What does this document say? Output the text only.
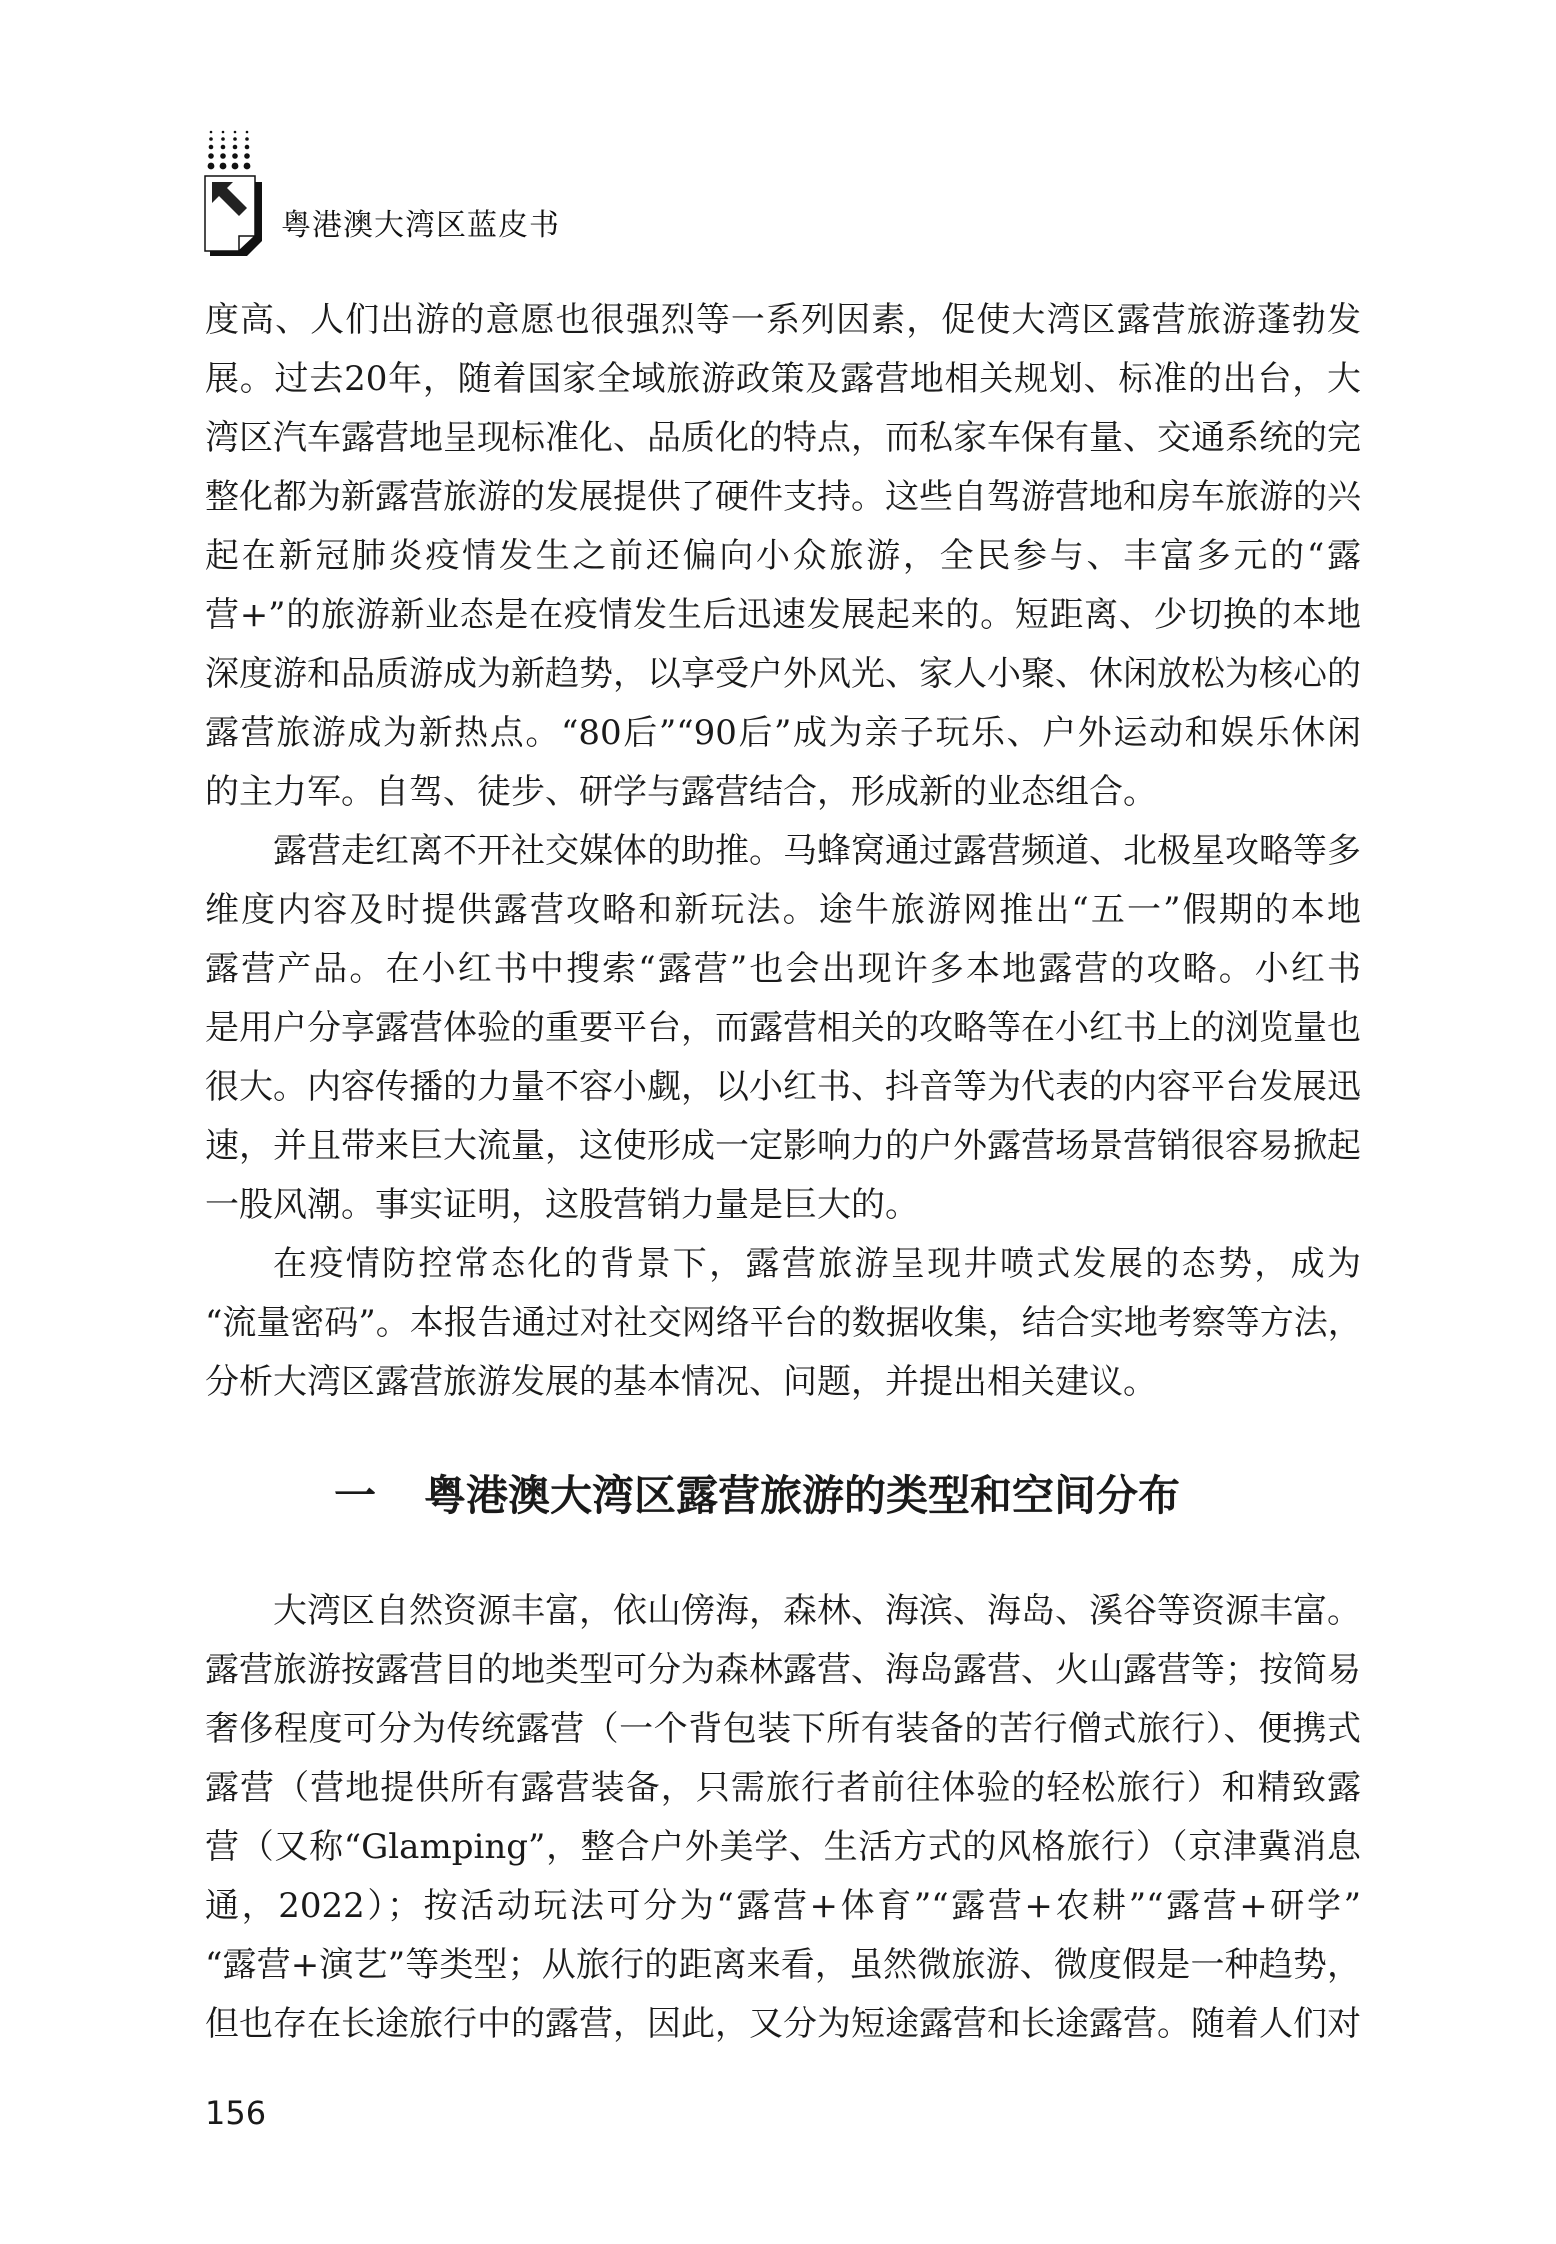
粤港澳大湾区蓝皮书
度高、人们出游的意愿也很强烈等一系列因素，促使大湾区露营旅游蓬勃发
展。过去20年，随着国家全域旅游政策及露营地相关规划、标准的出台，大
湾区汽车露营地呈现标准化、品质化的特点，而私家车保有量、交通系统的完
整化都为新露营旅游的发展提供了硬件支持。这些自驾游营地和房车旅游的兴
起在新冠肺炎疫情发生之前还偏向小众旅游，全民参与、丰富多元的“露
营+”的旅游新业态是在疫情发生后迅速发展起来的。短距离、少切换的本地
深度游和品质游成为新趋势，以享受户外风光、家人小聚、休闲放松为核心的
露营旅游成为新热点。“80后”“90后”成为亲子玩乐、户外运动和娱乐休闲
的主力军。自驾、徒步、研学与露营结合，形成新的业态组合。
露营走红离不开社交媒体的助推。马蜂窝通过露营频道、北极星攻略等多
维度内容及时提供露营攻略和新玩法。途牛旅游网推出“五一”假期的本地
露营产品。在小红书中搜索“露营”也会出现许多本地露营的攻略。小红书
是用户分享露营体验的重要平台，而露营相关的攻略等在小红书上的浏览量也
很大。内容传播的力量不容小觑，以小红书、抖音等为代表的内容平台发展迅
速，并且带来巨大流量，这使形成一定影响力的户外露营场景营销很容易掀起
一股风潮。事实证明，这股营销力量是巨大的。
在疫情防控常态化的背景下，露营旅游呈现井喷式发展的态势，成为
“流量密码”。本报告通过对社交网络平台的数据收集，结合实地考察等方法，
分析大湾区露营旅游发展的基本情况、问题，并提出相关建议。
一 粤港澳大湾区露营旅游的类型和空间分布
大湾区自然资源丰富，依山傍海，森林、海滨、海岛、溪谷等资源丰富。
露营旅游按露营目的地类型可分为森林露营、海岛露营、火山露营等；按简易
奢侈程度可分为传统露营（一个背包装下所有装备的苦行僧式旅行）、便携式
露营（营地提供所有露营装备，只需旅行者前往体验的轻松旅行）和精致露
营（又称“Glamping”，整合户外美学、生活方式的风格旅行）（京津冀消息
通，2022）；按活动玩法可分为“露营+体育”“露营+农耕”“露营+研学”
“露营+演艺”等类型；从旅行的距离来看，虽然微旅游、微度假是一种趋势，
但也存在长途旅行中的露营，因此，又分为短途露营和长途露营。随着人们对
156
